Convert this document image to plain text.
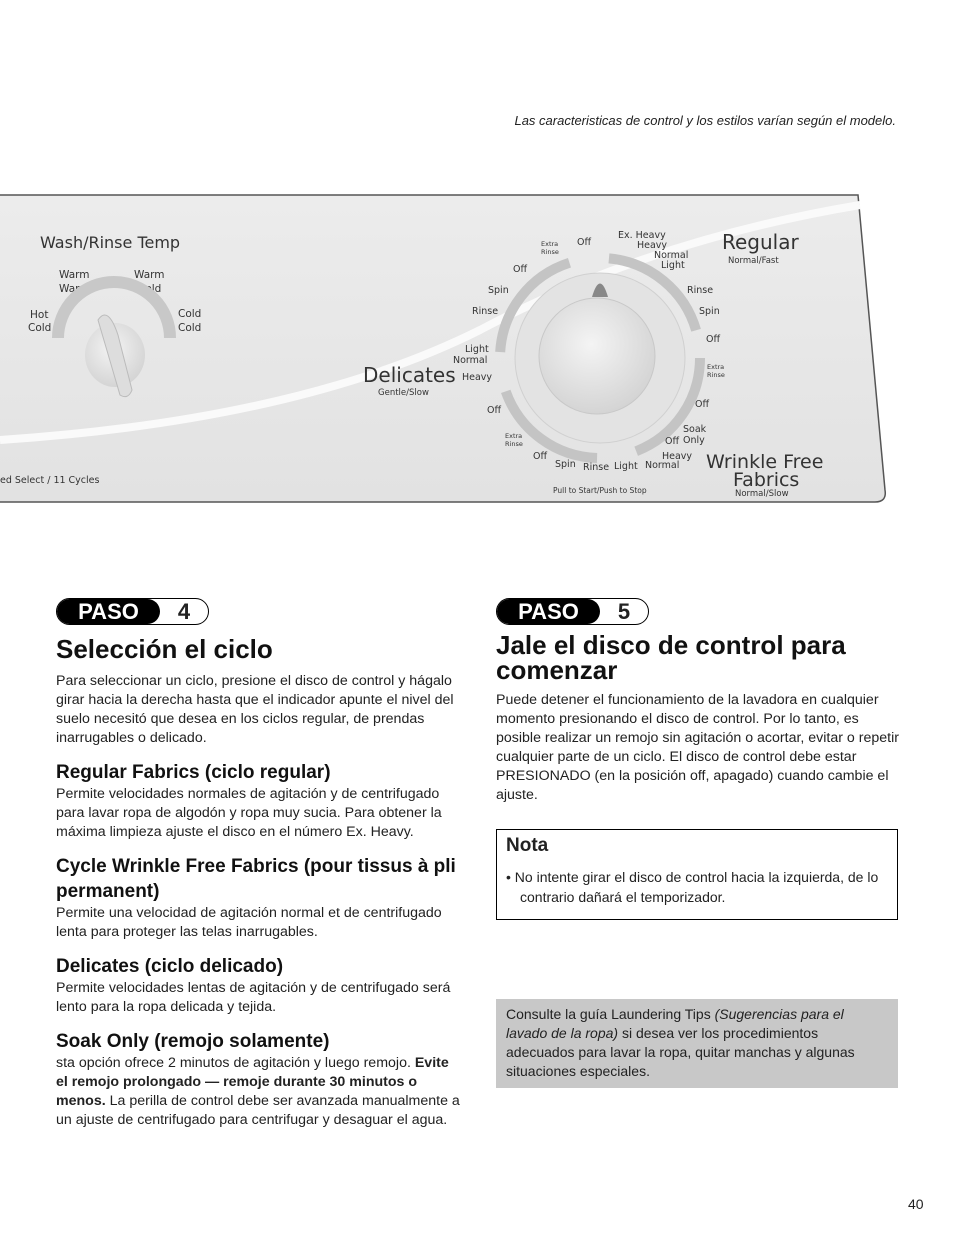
Las caracteristicas de control y los estilos varían según el modelo.
Wash/Rinse Temp
Hot
Cold
Warm
Warm
Warm
Cold
Cold
Cold
ed Select / 11 Cycles
Delicates
Gentle/Slow
Regular
Normal/Fast
Wrinkle Free
Fabrics
Normal/Slow
Pull to Start/Push to Stop
Ex. Heavy
Heavy
Normal
Light
Rinse
Spin
Off
Extra
Rinse
Off
Soak
Only
Off
Heavy
Normal
Light
Rinse
Spin
Off
Extra
Rinse
Off
Heavy
Normal
Light
Rinse
Spin
Off
Extra
Rinse
Off
PASO	4
Selección el ciclo

Para seleccionar un ciclo, presione el disco de control y hágalo girar hacia la derecha hasta que el indicador apunte el nivel del suelo necesitó que desea en los ciclos regular, de prendas inarrugables o delicado.

Regular Fabrics (ciclo regular)

Permite velocidades normales de agitación y de centrifugado para lavar ropa de algodón y ropa muy sucia. Para obtener la máxima limpieza ajuste el disco en el número Ex. Heavy.

Cycle Wrinkle Free Fabrics (pour tissus à pli permanent)

Permite una velocidad de agitación normal et de centrifugado lenta para proteger las telas inarrugables.

Delicates (ciclo delicado)

Permite velocidades lentas de agitación y de centrifugado será lento para la ropa delicada y tejida.

Soak Only (remojo solamente)

sta opción ofrece 2 minutos de agitación y luego remojo. Evite el remojo prolongado — remoje durante 30 minutos o menos. La perilla de control debe ser avanzada manualmente a un ajuste de centrifugado para centrifugar y desaguar el agua.

PASO	5
Jale el disco de control para comenzar

Puede detener el funcionamiento de la lavadora en cualquier momento presionando el disco de control. Por lo tanto, es posible realizar un remojo sin agitación o acortar, evitar o repetir cualquier parte de un ciclo. El disco de control debe estar PRESIONADO (en la posición off, apagado) cuando cambie el ajuste.

Nota
• No intente girar el disco de control hacia la izquierda, de lo contrario dañará el temporizador.
Consulte la guía Laundering Tips (Sugerencias para el lavado de la ropa) si desea ver los procedimientos adecuados para lavar la ropa, quitar manchas y algunas situaciones especiales.
40
